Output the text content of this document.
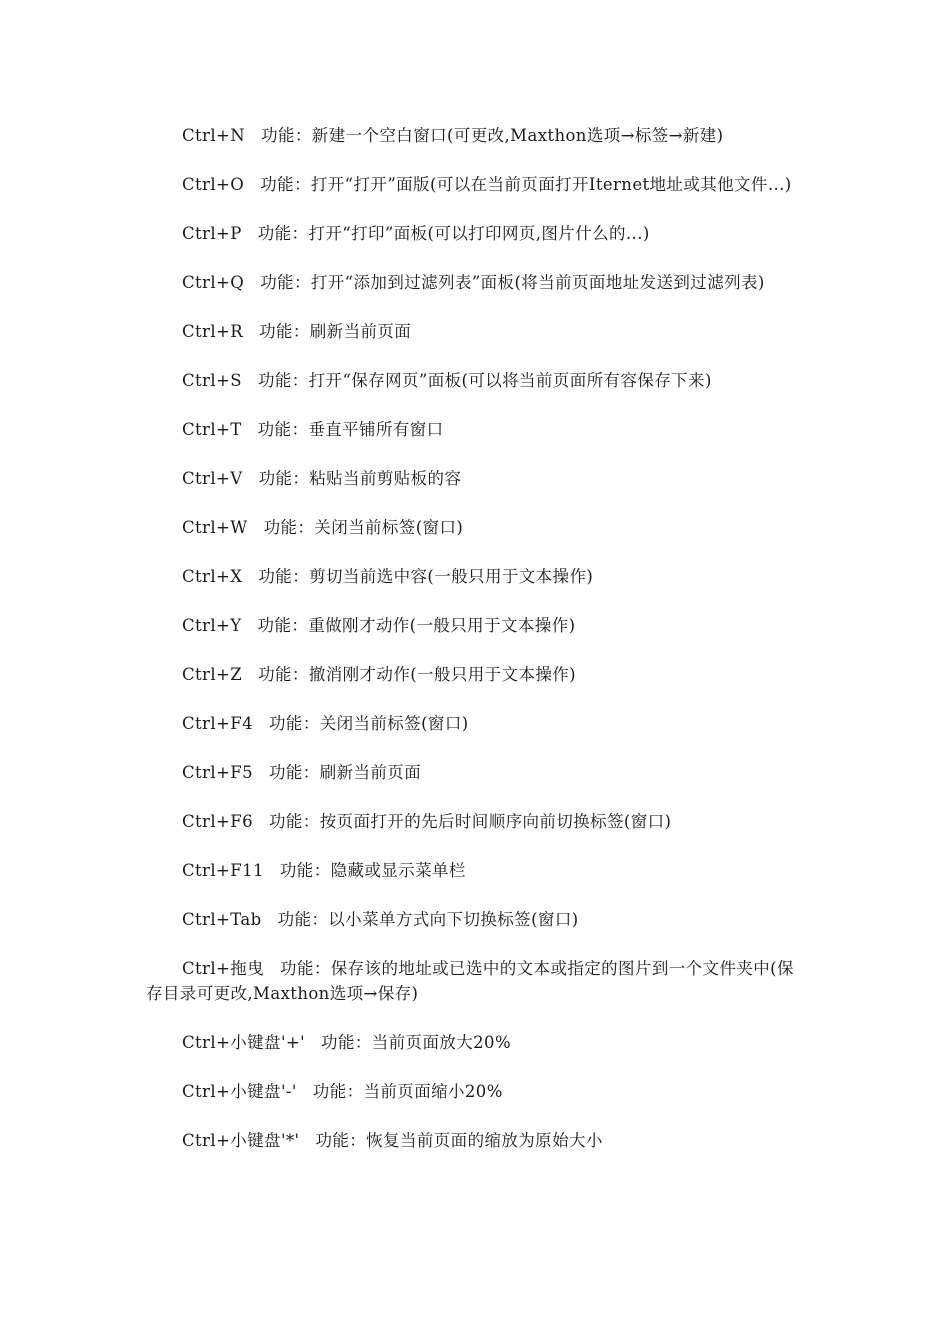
Ctrl+N 功能：新建一个空白窗口(可更改,Maxthon选项→标签→新建)

Ctrl+O 功能：打开“打开”面版(可以在当前页面打开Iternet地址或其他文件...)

Ctrl+P 功能：打开“打印”面板(可以打印网页,图片什么的...)

Ctrl+Q 功能：打开“添加到过滤列表”面板(将当前页面地址发送到过滤列表)

Ctrl+R 功能：刷新当前页面

Ctrl+S 功能：打开“保存网页”面板(可以将当前页面所有容保存下来)

Ctrl+T 功能：垂直平铺所有窗口

Ctrl+V 功能：粘贴当前剪贴板的容

Ctrl+W 功能：关闭当前标签(窗口)

Ctrl+X 功能：剪切当前选中容(一般只用于文本操作)

Ctrl+Y 功能：重做刚才动作(一般只用于文本操作)

Ctrl+Z 功能：撤消刚才动作(一般只用于文本操作)

Ctrl+F4 功能：关闭当前标签(窗口)

Ctrl+F5 功能：刷新当前页面

Ctrl+F6 功能：按页面打开的先后时间顺序向前切换标签(窗口)

Ctrl+F11 功能：隐藏或显示菜单栏

Ctrl+Tab 功能：以小菜单方式向下切换标签(窗口)

Ctrl+拖曳 功能：保存该的地址或已选中的文本或指定的图片到一个文件夹中(保存目录可更改,Maxthon选项→保存)

Ctrl+小键盘'+' 功能：当前页面放大20%

Ctrl+小键盘'-' 功能：当前页面缩小20%

Ctrl+小键盘'*' 功能：恢复当前页面的缩放为原始大小
